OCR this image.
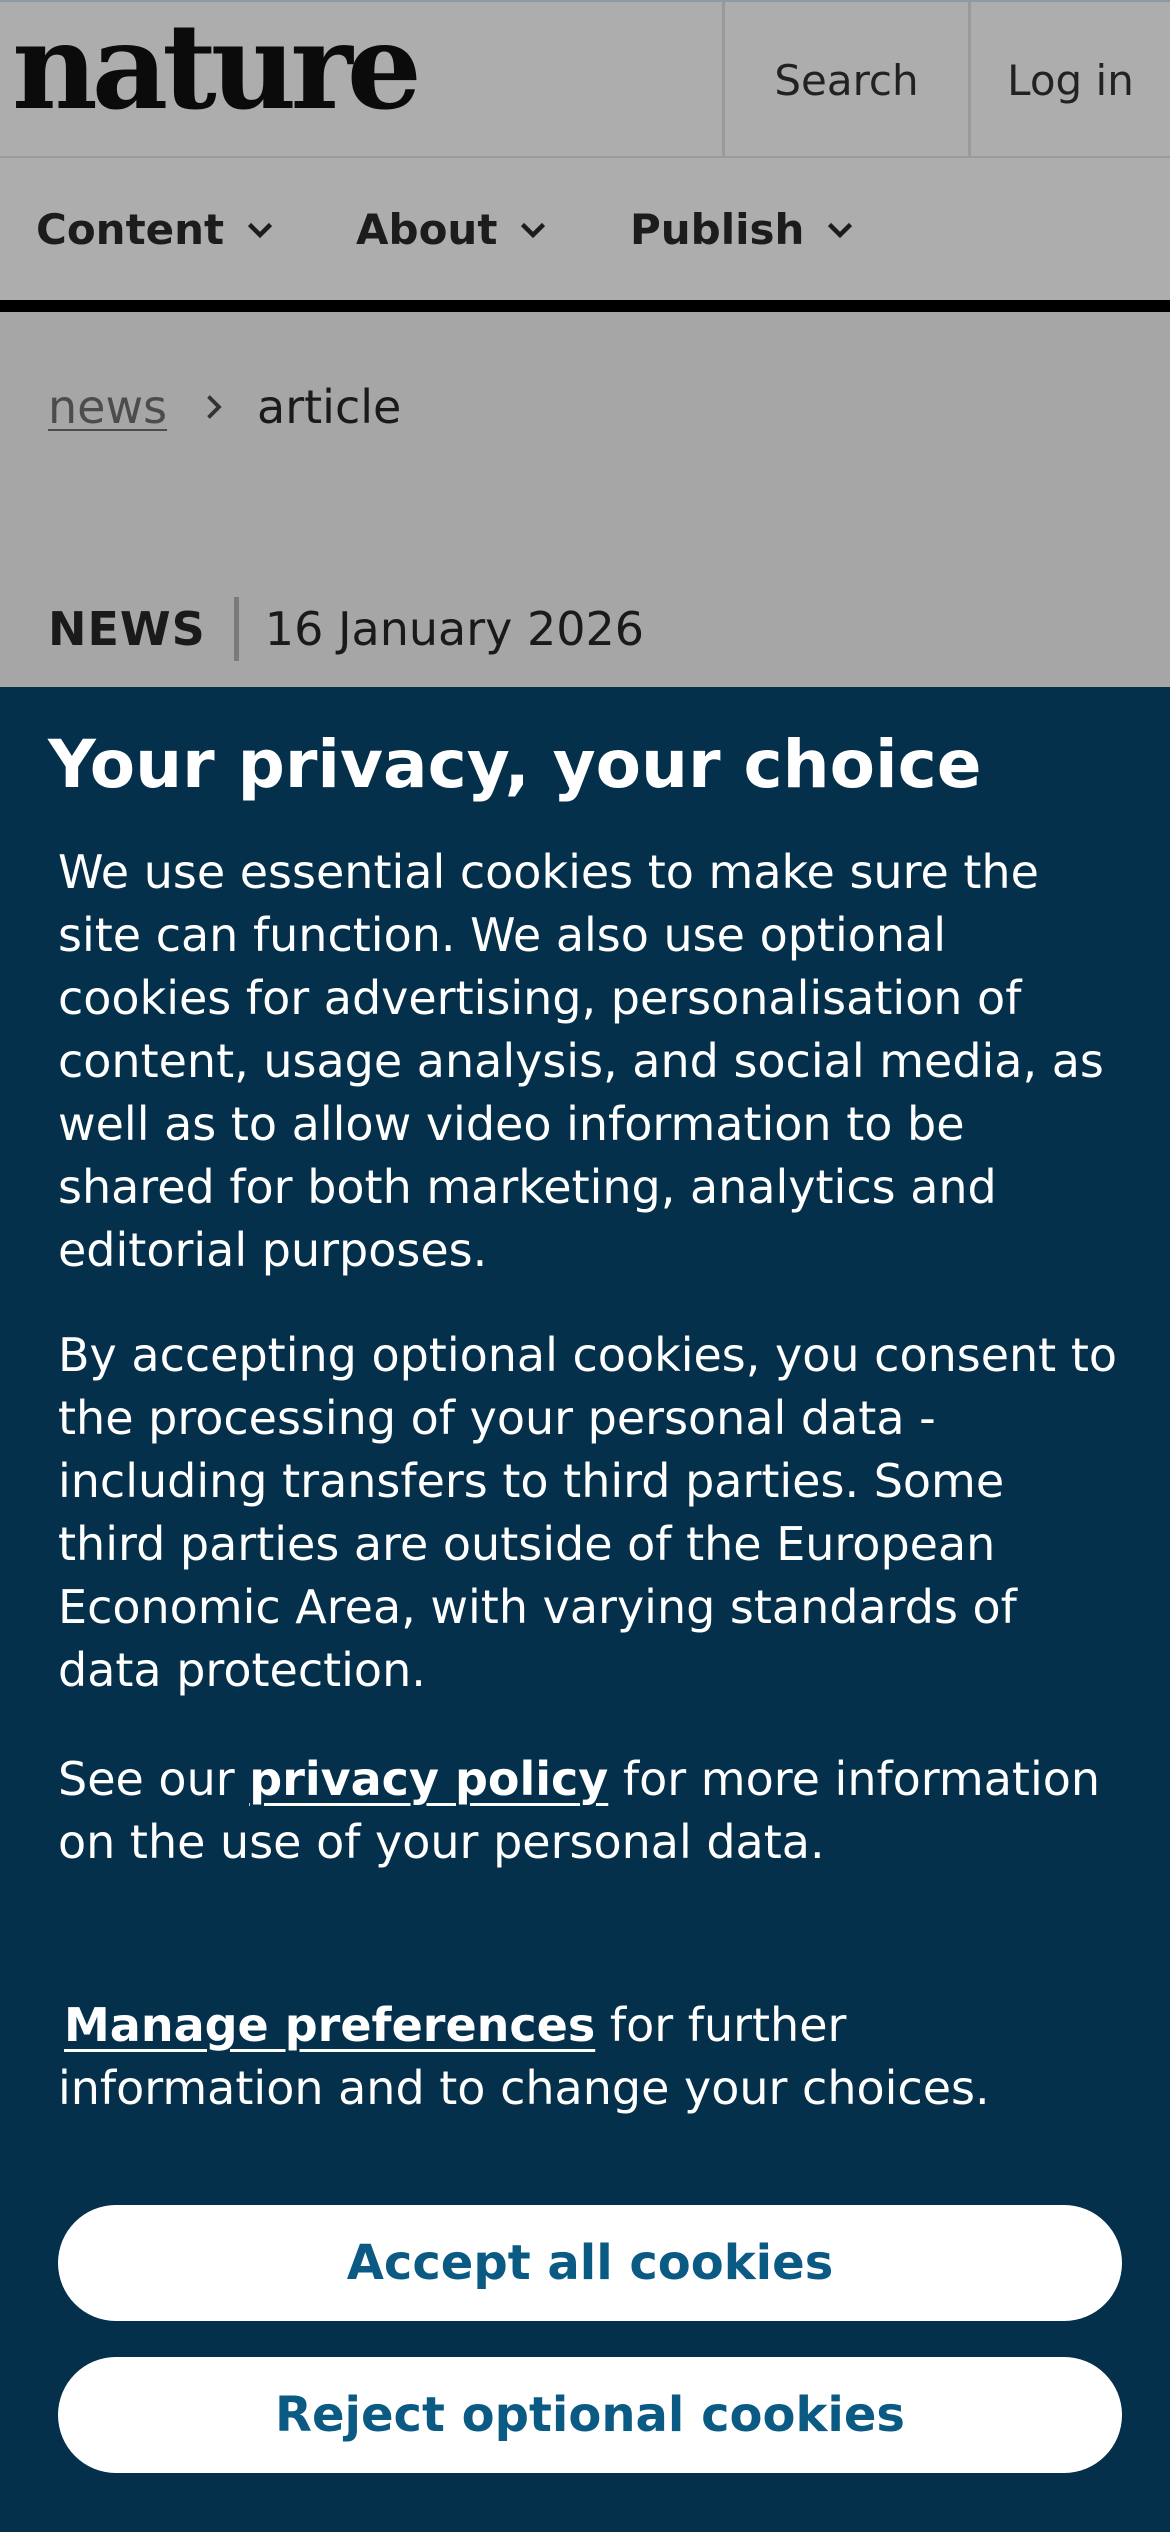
nature	Search	Log in
Content	About	Publish
news article
NEWS 16 January 2026
Your privacy, your choice

We use essential cookies to make sure the site can function. We also use optional cookies for advertising, personalisation of content, usage analysis, and social media, as well as to allow video information to be shared for both marketing, analytics and editorial purposes.

By accepting optional cookies, you consent to the processing of your personal data - including transfers to third parties. Some third parties are outside of the European Economic Area, with varying standards of data protection.

See our privacy policy for more information on the use of your personal data.

Manage preferences for further information and to change your choices.

Accept all cookies
Reject optional cookies
